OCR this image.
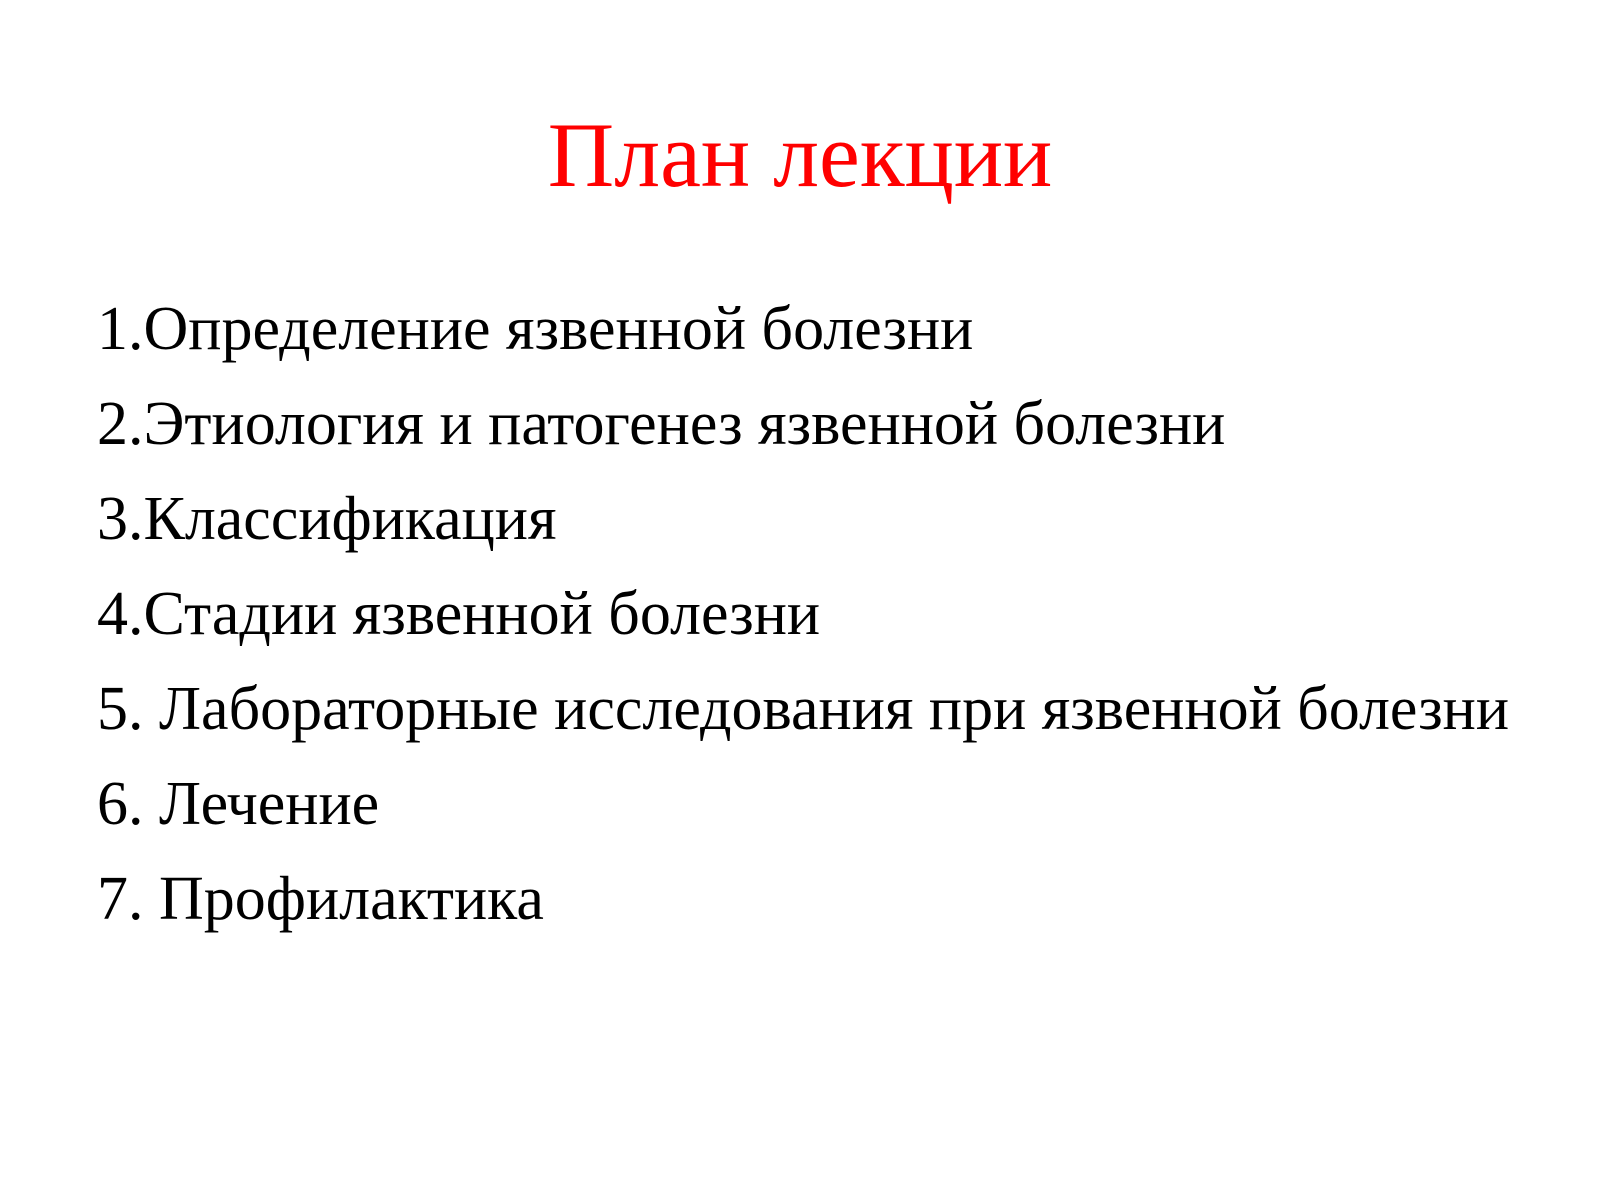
План лекции
1.Определение язвенной болезни
2.Этиология и патогенез язвенной болезни
3.Классификация
4.Стадии язвенной болезни
5. Лабораторные исследования при язвенной болезни
6. Лечение
7. Профилактика
